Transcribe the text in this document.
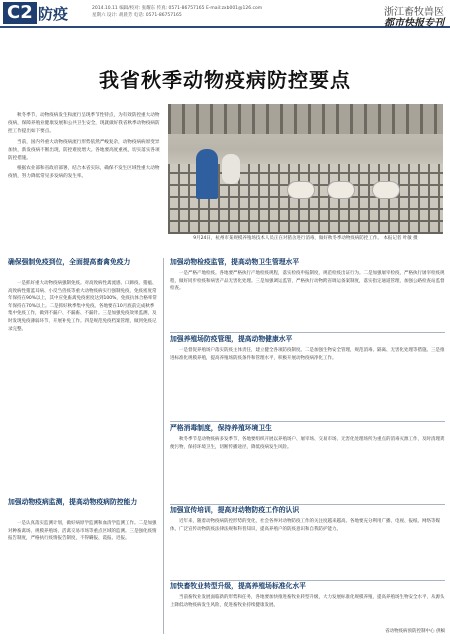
C2 防疫	2014.10.11 编辑/校对: 张耀东 传真: 0571-86757165 E-mail:zxb001@126.com
星期六 设计: 胡晨芳 电话: 0571-86757165	浙江畜牧兽医
都市快报专刊
我省秋季动物疫病防控要点

秋冬季节，动物疫病发生和流行呈现季节性特点，为有效防控重大动物疫病，保障养殖业健康发展和公共卫生安全，现就做好我省秋季动物疫病防控工作提出如下要点。

当前，国内外重大动物疫病流行形势依然严峻复杂，动物疫病病原变异加快，新发疫病不断出现，防控难度增大。各地要高度重视，切实落实各项防控措施。

根据农业部和省政府部署，结合本省实际，确保不发生区域性重大动物疫情，努力降低常见多发病的发生率。

9月24日，杭州市某规模养殖场技术人员正在对猪舍进行消毒，做好秋冬季动物疫病防控工作。 本报记者 叶敏 摄
确保强制免疫到位，全面提高畜禽免疫力
一是抓好重大动物疫病强制免疫。对高致病性禽流感、口蹄疫、猪瘟、高致病性猪蓝耳病、小反刍兽疫等重大动物疫病实行强制免疫，免疫密度常年保持在90%以上，其中应免畜禽免疫密度达到100%，免疫抗体合格率常年保持在70%以上。二是抓好秋季集中免疫。各地要在10月底前完成秋季集中免疫工作，做到不漏户、不漏畜、不漏针。三是加强免疫效果监测，及时发现免疫薄弱环节，开展补免工作。四是规范免疫档案管理，做到免疫记录完整。
加强动物疫病监测，提高动物疫病防控能力
一是认真落实监测计划，做好病原学监测和血清学监测工作。二是加强对种畜禽场、规模养殖场、活禽交易市场等重点区域的监测。三是强化疫情报告制度，严格执行疫情报告制度，不得瞒报、谎报、迟报。
加强动物检疫监管，提高动物卫生管理水平
一是严格产地检疫。各地要严格执行产地检疫规程，落实检疫申报制度，规范检疫出证行为。二是加强屠宰检疫，严格执行屠宰检疫规程，做好同步检疫和病害产品无害化处理。三是加强调运监管，严格执行动物跨省调运备案制度，落实指定通道管理，加强公路检查站监督检查。
加强养殖场防疫管理，提高动物健康水平
一是督促养殖场户落实防疫主体责任，建立健全各项防疫制度。二是加强生物安全管理，规范消毒、隔离、无害化处理等措施。三是推进标准化规模养殖，提高养殖场防疫条件和管理水平，积极开展动物疫病净化工作。
严格消毒制度，保持养殖环境卫生
秋冬季节是动物疫病多发季节，各地要组织开展以养殖场户、屠宰场、交易市场、无害化处理场所为重点的消毒灭源工作，及时清理粪便污物，保持环境卫生，切断传播途径，降低疫病发生风险。
加强宣传培训，提高对动物防疫工作的认识
近年来，随着动物疫病防控形势的变化，社会各界对动物防疫工作的关注度越来越高。各地要充分利用广播、电视、报纸、网络等媒体，广泛宣传动物防疫法律法规和科普知识，提高养殖户的防疫意识和自我防护能力。
加快畜牧业转型升级，提高养殖场标准化水平
当前畜牧业发展面临新的形势和任务，各地要加快推进畜牧业转型升级，大力发展标准化规模养殖，提高养殖场生物安全水平，从源头上降低动物疫病发生风险，促进畜牧业持续健康发展。
省动物疫病预防控制中心 供稿
